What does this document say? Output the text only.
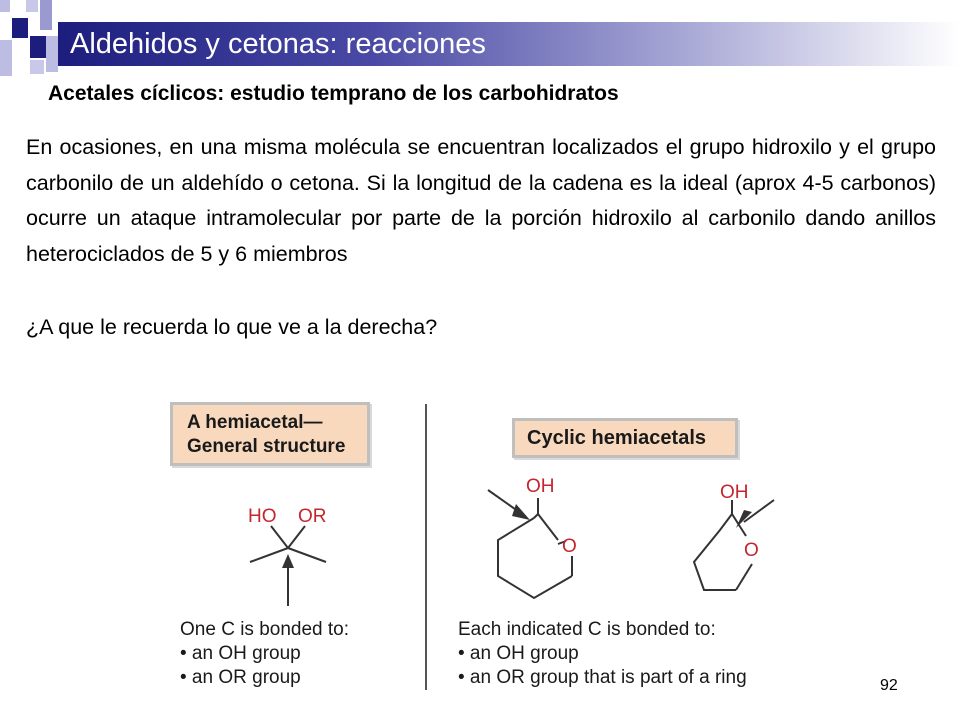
Aldehidos y cetonas: reacciones
Acetales cíclicos: estudio temprano de los carbohidratos

En ocasiones, en una misma molécula se encuentran localizados el grupo hidroxilo y el grupo carbonilo de un aldehído o cetona. Si la longitud de la cadena es la ideal (aprox 4-5 carbonos) ocurre un ataque intramolecular por parte de la porción hidroxilo al carbonilo dando anillos heterociclados de 5 y 6 miembros

¿A que le recuerda lo que ve a la derecha?
A hemiacetal—
General structure	Cyclic hemiacetals
HO OR
OH
O
OH
O
One C is bonded to:
• an OH group
• an OR group
Each indicated C is bonded to:
• an OH group
• an OR group that is part of a ring	92
